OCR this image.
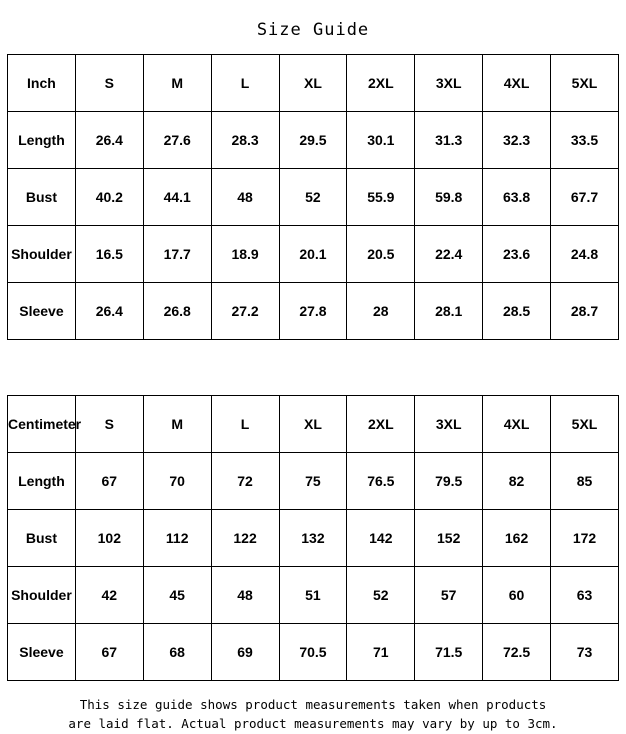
Size Guide
Inch	S	M	L	XL	2XL	3XL	4XL	5XL
Length	26.4	27.6	28.3	29.5	30.1	31.3	32.3	33.5
Bust	40.2	44.1	48	52	55.9	59.8	63.8	67.7
Shoulder	16.5	17.7	18.9	20.1	20.5	22.4	23.6	24.8
Sleeve	26.4	26.8	27.2	27.8	28	28.1	28.5	28.7
Centimeter	S	M	L	XL	2XL	3XL	4XL	5XL
Length	67	70	72	75	76.5	79.5	82	85
Bust	102	112	122	132	142	152	162	172
Shoulder	42	45	48	51	52	57	60	63
Sleeve	67	68	69	70.5	71	71.5	72.5	73
This size guide shows product measurements taken when products
are laid flat. Actual product measurements may vary by up to 3cm.
